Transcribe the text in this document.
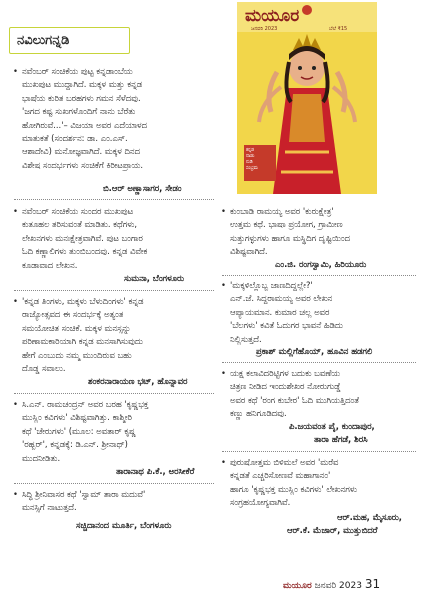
ನವಿಲುಗನ್ನಡಿ
ಮಯೂರ
ಜನವರಿ 2023	ಬೆಲೆ ₹15
ಕನ್ನಡ
ನಾಡು
ನುಡಿ
ಸಂಭ್ರಮ
• ನವೆಂಬರ್ ಸಂಚಿಕೆಯ ಪುಟ್ಟ ಕನ್ನಡಾಂಬೆಯ
ಮುಖಪುಟ ಮುದ್ದಾಗಿದೆ. ಮಕ್ಕಳ ಮತ್ತು ಕನ್ನಡ
ಭಾಷೆಯ ಕುರಿತ ಬರಹಗಳು ಗಮನ ಸೆಳೆದವು.
'ಜಗದ ಕಷ್ಟ ಸುಖಗಳೊಂದಿಗೆ ನಾನು ಬೆರೆತು
ಹೋಗಿರುವೆ...'– ವಿಜಯಾ ಅವರ ಎದೆಯಾಳದ
ಮಾತುಕತೆ (ಸಂದರ್ಶನ: ಡಾ. ಎಂ.ಎಸ್.
ಆಶಾದೇವಿ) ಮನೋಜ್ಞವಾಗಿದೆ. ಮಕ್ಕಳ ದಿನದ
ವಿಶೇಷ ಸಂದರ್ಭಗಳು ಸಂಚಿಕೆಗೆ ಕಿರೀಟಪ್ರಾಯ.
ಬಿ.ಆರ್ ಅಣ್ಣಾಸಾಗರ, ಸೇಡಂ
• ನವೆಂಬರ್ ಸಂಚಿಕೆಯ ಸುಂದರ ಮುಖಪುಟ
ಕುತೂಹಲ ತರಿಸುವಂತೆ ಮಾಡಿತು. ಕಥೆಗಳು,
ಲೇಖನಗಳು ಮನಃಕ್ಷೇತ್ರವಾಗಿವೆ. ಪುಟ ಬಂಗಾರ
ಓದಿ ಕಣ್ಣಾಲಿಗಳು ತುಂಬಿಬಂದವು. ಕನ್ನಡ ವಿವೇಕ
ಕೂಡಾವಾದ ಲೇಖನ.
ಸುಮನಾ, ಬೆಂಗಳೂರು
• 'ಕನ್ನಡ ತಿಂಗಳು, ಮಕ್ಕಳು ಬೆಳುದಿಂಗಳು' ಕನ್ನಡ
ರಾಜ್ಯೋತ್ಸವದ ಈ ಸಂದರ್ಭಕ್ಕೆ ಅತ್ಯಂತ
ಸಮಯೋಚಿತ ಸಂಚಿಕೆ. ಮಕ್ಕಳ ಮನಸ್ಸನ್ನು
ಪರಿಣಾಮಕಾರಿಯಾಗಿ ಕನ್ನಡ ಮನಸಾಗಿಸುವುದು
ಹೇಗೆ ಎಂಬುದು ನಮ್ಮ ಮುಂದಿರುವ ಬಹು
ದೊಡ್ಡ ಸವಾಲು.
ಶಂಕರನಾರಾಯಣ ಭಟ್, ಹೊನ್ನಾವರ
• ಸಿ.ಎನ್. ರಾಮಚಂದ್ರನ್ ಅವರ ಬರಹ 'ಕೃಷ್ಣಭಕ್ತ
ಮುಸ್ಲಿಂ ಕವಿಗಳು' ವಿಶಿಷ್ಟವಾಗಿತ್ತು. ಕಾಶ್ಮೀರಿ
ಕಥೆ 'ಚೇರುಗಳು' (ಮೂಲ: ಅವತಾರ್ ಕೃಷ್ಣ
'ರಹ್ಬರ್', ಕನ್ನಡಕ್ಕೆ: ಡಿ.ಎನ್. ಶ್ರೀನಾಥ್)
ಮುದನೀಡಿತು.
ತಾರಾನಾಥ ಪಿ.ಕೆ., ಅರಸೀಕೆರೆ
• ಸಿದ್ಧಿ ಶ್ರೀನಿವಾಸರ ಕಥೆ 'ಸ್ವಾಮ್ ತಾರಾ ಮದುವೆ'
ಮನಸ್ಸಿಗೆ ನಾಟುತ್ತದೆ.
ಸಚ್ಚಿದಾನಂದ ಮೂರ್ತಿ, ಬೆಂಗಳೂರು
• ಕುಂಬಾಡಿ ರಾಮಯ್ಯ ಅವರ 'ಕುರುಕ್ಷೇತ್ರ'
ಉತ್ತಮ ಕಥೆ. ಭಾಷಾ ಪ್ರಯೋಗ, ಗ್ರಾಮೀಣ
ಸುತ್ತುಗಳ್ಳುಗಳು ಹಾಗೂ ಮಸ್ಥಿದಿಗ ದೃಷ್ಟಿಯಿಂದ
ವಿಶಿಷ್ಟವಾಗಿದೆ.
ಎಂ.ಜಿ. ರಂಗಸ್ವಾಮಿ, ಹಿರಿಯೂರು
• 'ಮಕ್ಕಳಿಲ್ಲೊಬ್ಬ ಜಾಣದಿದ್ದಲ್ಲೇ?'
ಎನ್.ಜೆ. ಸಿದ್ದರಾಮಯ್ಯ ಅವರ ಲೇಖನ
ಆಪ್ಯಾಯಮಾನ. ಕುಮಾರ ಚಲ್ಲ ಅವರ
'ಬೆಲಗಳು' ಕವಿತೆ ಓದುಗರ ಭಾವನೆ ಹಿಡಿದು
ನಿಲ್ಲಿಸುತ್ತದೆ.
ಪ್ರಕಾಶ್ ಮಲ್ಲಿಗೆಹೊಯ್, ಹೂವಿನ ಹಡಗಲಿ
• ಯಕ್ಷ ಕಲಾವಿದರಿಟ್ಟಿಗಳ ಬದುಕು ಬವಣೆಯ
ಚಿತ್ರಣ ನೀಡಿದ ಇಂದುಶೇಖರ ನೋರುಗುಡ್ಡೆ
ಅವರ ಕಥೆ 'ರಂಗ ಕುಬೇರ' ಓದಿ ಮುಗಿಯತ್ತಿದಂತೆ
ಕಣ್ಣು ಹನಿಗೂಡಿದವು.
ಪಿ.ಜಯವಂತ ಪೈ, ಕುಂದಾಪುರ,
ತಾರಾ ಹೆಗಡೆ, ಶಿರಸಿ
• ಪುರುಷೋತ್ತಮ ಬಿಳಿಮಲೆ ಅವರ 'ಮರೆವ
ಕನ್ನಡತೆ ಎಚ್ಚರಿಸೋಣವೆ ಮಹಾಗಾನಂ'
ಹಾಗೂ 'ಕೃಷ್ಣಭಕ್ತ ಮುಸ್ಲಿಂ ಕವಿಗಳು' ಲೇಖನಗಳು
ಸಂಗ್ರಹಯೋಗ್ಯವಾಗಿವೆ.
ಆರ್.ಮಹ, ಮೈಸೂರು,
ಆರ್.ಕೆ. ಮೆಜಾರ್, ಮುತ್ತುಬಿದರೆ
ಮಯೂರ ಜನವರಿ 2023 31
